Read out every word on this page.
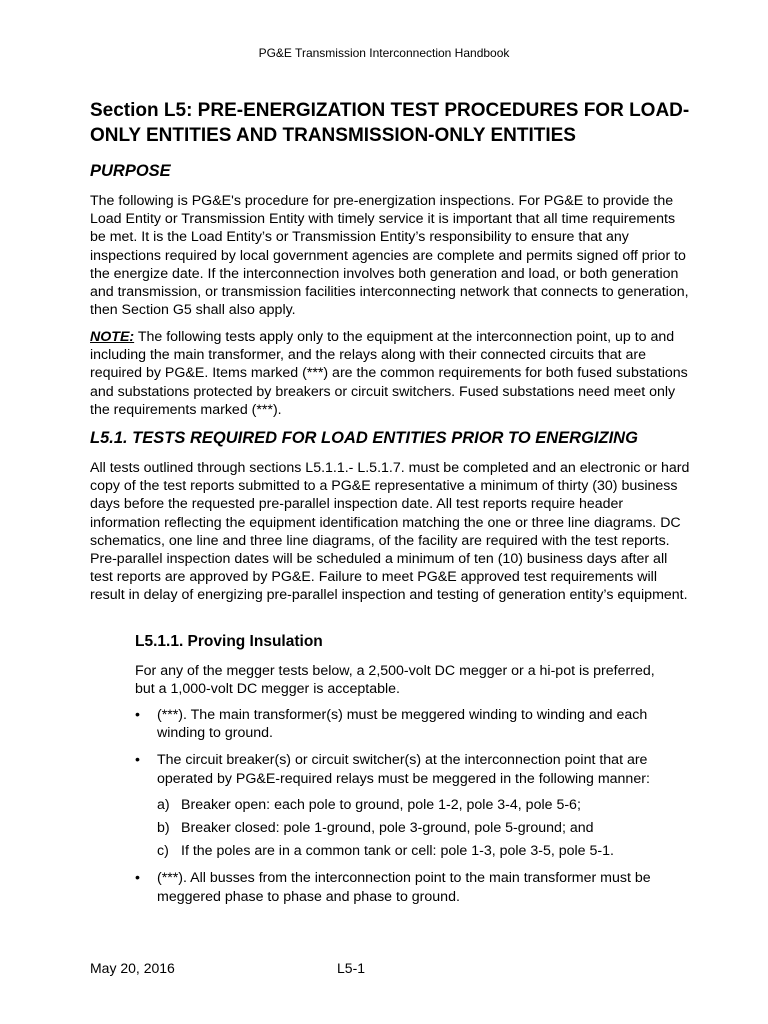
PG&E Transmission Interconnection Handbook
Section L5: PRE-ENERGIZATION TEST PROCEDURES FOR LOAD-ONLY ENTITIES AND TRANSMISSION-ONLY ENTITIES
PURPOSE

The following is PG&E's procedure for pre-energization inspections. For PG&E to provide the Load Entity or Transmission Entity with timely service it is important that all time requirements be met. It is the Load Entity’s or Transmission Entity’s responsibility to ensure that any inspections required by local government agencies are complete and permits signed off prior to the energize date. If the interconnection involves both generation and load, or both generation and transmission, or transmission facilities interconnecting network that connects to generation, then Section G5 shall also apply.

NOTE: The following tests apply only to the equipment at the interconnection point, up to and including the main transformer, and the relays along with their connected circuits that are required by PG&E. Items marked (***) are the common requirements for both fused substations and substations protected by breakers or circuit switchers. Fused substations need meet only the requirements marked (***).

L5.1. TESTS REQUIRED FOR LOAD ENTITIES PRIOR TO ENERGIZING

All tests outlined through sections L5.1.1.- L.5.1.7. must be completed and an electronic or hard copy of the test reports submitted to a PG&E representative a minimum of thirty (30) business days before the requested pre-parallel inspection date. All test reports require header information reflecting the equipment identification matching the one or three line diagrams. DC schematics, one line and three line diagrams, of the facility are required with the test reports. Pre-parallel inspection dates will be scheduled a minimum of ten (10) business days after all test reports are approved by PG&E. Failure to meet PG&E approved test requirements will result in delay of energizing pre-parallel inspection and testing of generation entity’s equipment.

L5.1.1. Proving Insulation

For any of the megger tests below, a 2,500-volt DC megger or a hi-pot is preferred, but a 1,000-volt DC megger is acceptable.

• (***). The main transformer(s) must be meggered winding to winding and each winding to ground.
• The circuit breaker(s) or circuit switcher(s) at the interconnection point that are operated by PG&E-required relays must be meggered in the following manner:
a) Breaker open: each pole to ground, pole 1-2, pole 3-4, pole 5-6;
b) Breaker closed: pole 1-ground, pole 3-ground, pole 5-ground; and
c) If the poles are in a common tank or cell: pole 1-3, pole 3-5, pole 5-1.
• (***). All busses from the interconnection point to the main transformer must be meggered phase to phase and phase to ground.
May 20, 2016	L5-1
